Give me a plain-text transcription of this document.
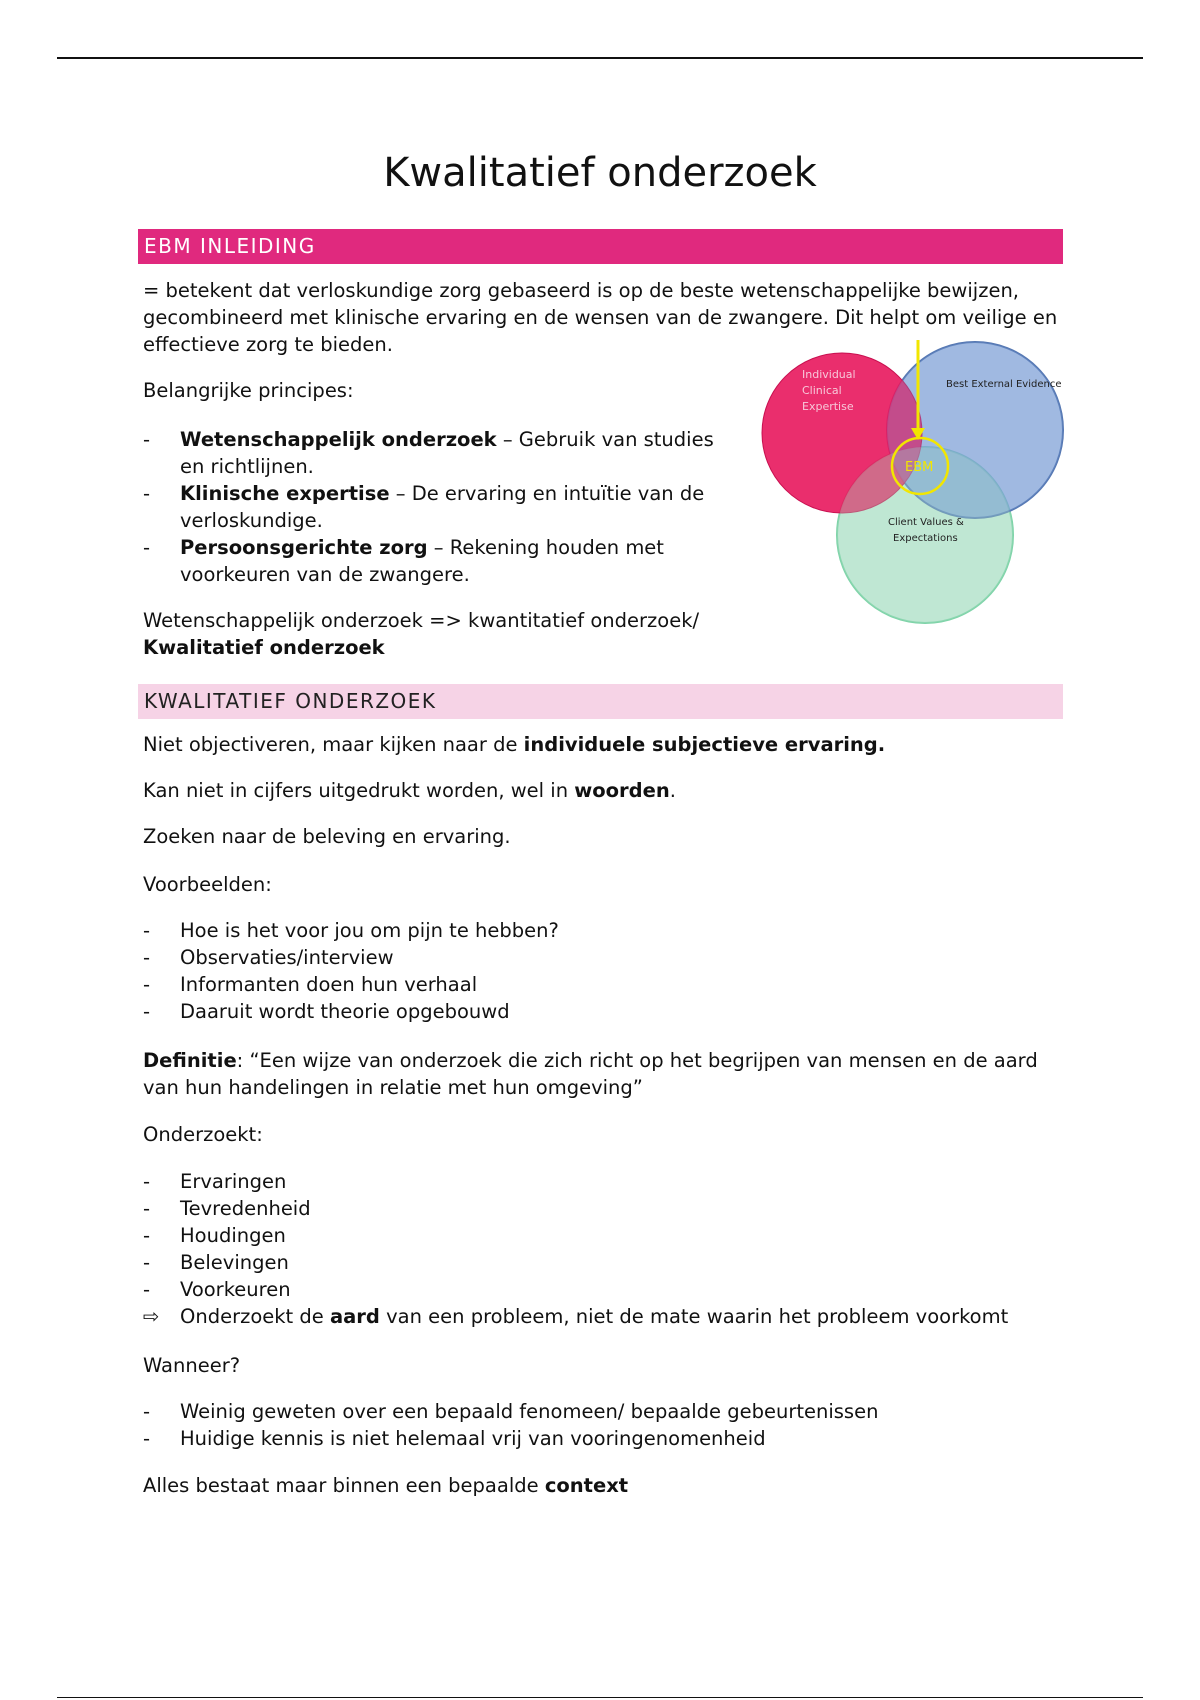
Kwalitatief onderzoek
EBM INLEIDING

= betekent dat verloskundige zorg gebaseerd is op de beste wetenschappelijke bewijzen, gecombineerd met klinische ervaring en de wensen van de zwangere. Dit helpt om veilige en effectieve zorg te bieden.

Belangrijke principes:

- Wetenschappelijk onderzoek – Gebruik van studies en richtlijnen.
- Klinische expertise – De ervaring en intuïtie van de verloskundige.
- Persoonsgerichte zorg – Rekening houden met voorkeuren van de zwangere.

Wetenschappelijk onderzoek => kwantitatief onderzoek/

Kwalitatief onderzoek

Individual
Clinical
Expertise
Best External Evidence
EBM
Client Values &
Expectations
KWALITATIEF ONDERZOEK

Niet objectiveren, maar kijken naar de individuele subjectieve ervaring.

Kan niet in cijfers uitgedrukt worden, wel in woorden.

Zoeken naar de beleving en ervaring.

Voorbeelden:

- Hoe is het voor jou om pijn te hebben?
- Observaties/interview
- Informanten doen hun verhaal
- Daaruit wordt theorie opgebouwd

Definitie: “Een wijze van onderzoek die zich richt op het begrijpen van mensen en de aard van hun handelingen in relatie met hun omgeving”

Onderzoekt:

- Ervaringen
- Tevredenheid
- Houdingen
- Belevingen
- Voorkeuren
⇨ Onderzoekt de aard van een probleem, niet de mate waarin het probleem voorkomt

Wanneer?

- Weinig geweten over een bepaald fenomeen/ bepaalde gebeurtenissen
- Huidige kennis is niet helemaal vrij van vooringenomenheid

Alles bestaat maar binnen een bepaalde context
